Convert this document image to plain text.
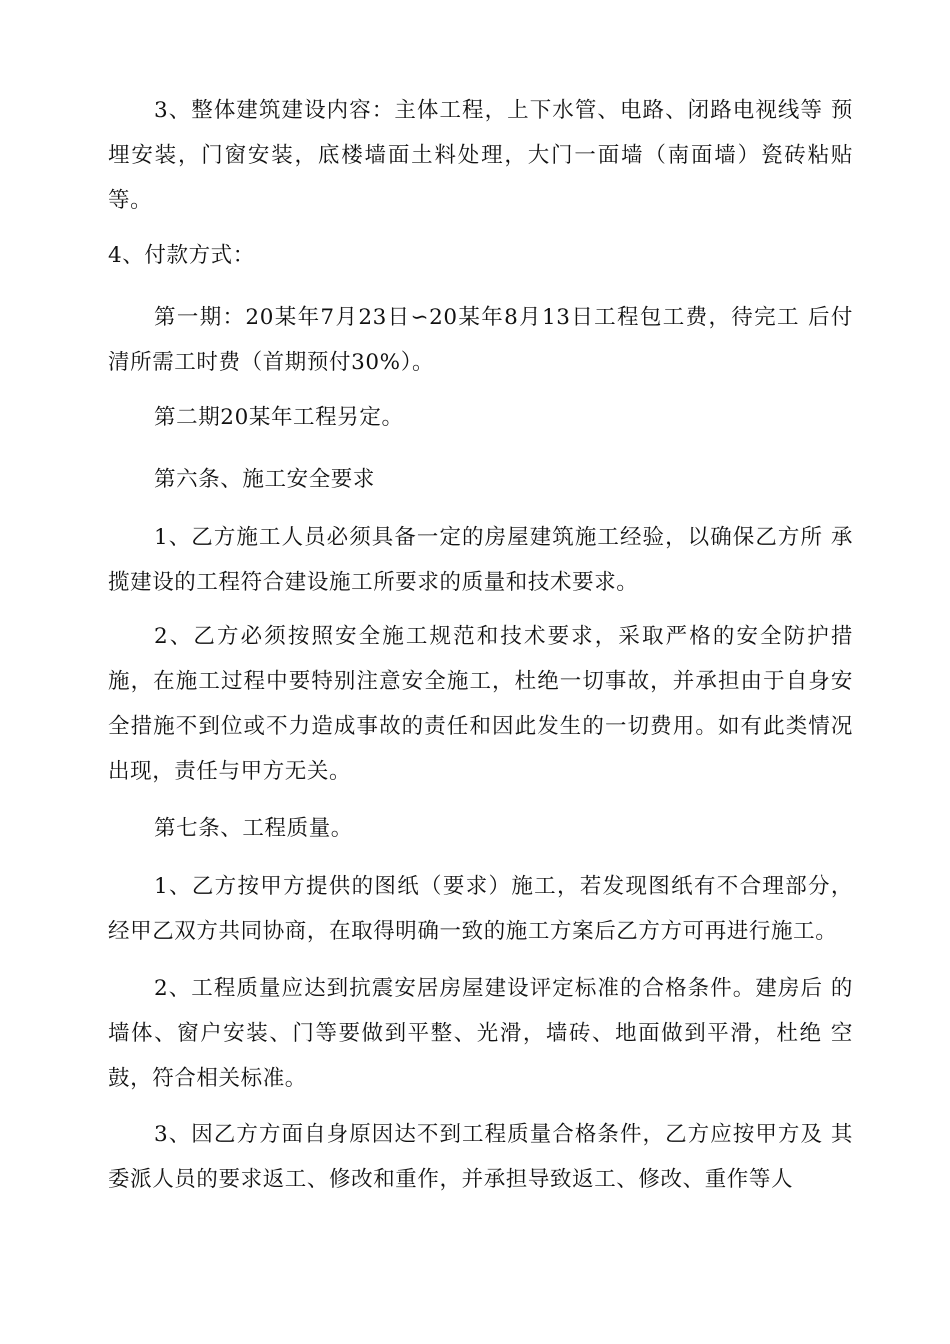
3、整体建筑建设内容：主体工程，上下水管、电路、闭路电视线等 预埋安装，门窗安装，底楼墙面土料处理，大门一面墙（南面墙）瓷砖粘贴等。

4、付款方式：

第一期：20某年7月23日∽20某年8月13日工程包工费，待完工 后付清所需工时费（首期预付30%）。

第二期20某年工程另定。

第六条、施工安全要求

1、乙方施工人员必须具备一定的房屋建筑施工经验，以确保乙方所 承揽建设的工程符合建设施工所要求的质量和技术要求。

2、乙方必须按照安全施工规范和技术要求，采取严格的安全防护措施，在施工过程中要特别注意安全施工，杜绝一切事故，并承担由于自身安全措施不到位或不力造成事故的责任和因此发生的一切费用。如有此类情况出现，责任与甲方无关。

第七条、工程质量。

1、乙方按甲方提供的图纸（要求）施工，若发现图纸有不合理部分，经甲乙双方共同协商，在取得明确一致的施工方案后乙方方可再进行施工。

2、工程质量应达到抗震安居房屋建设评定标准的合格条件。建房后 的墙体、窗户安装、门等要做到平整、光滑，墙砖、地面做到平滑，杜绝 空鼓，符合相关标准。

3、因乙方方面自身原因达不到工程质量合格条件，乙方应按甲方及 其委派人员的要求返工、修改和重作，并承担导致返工、修改、重作等人
